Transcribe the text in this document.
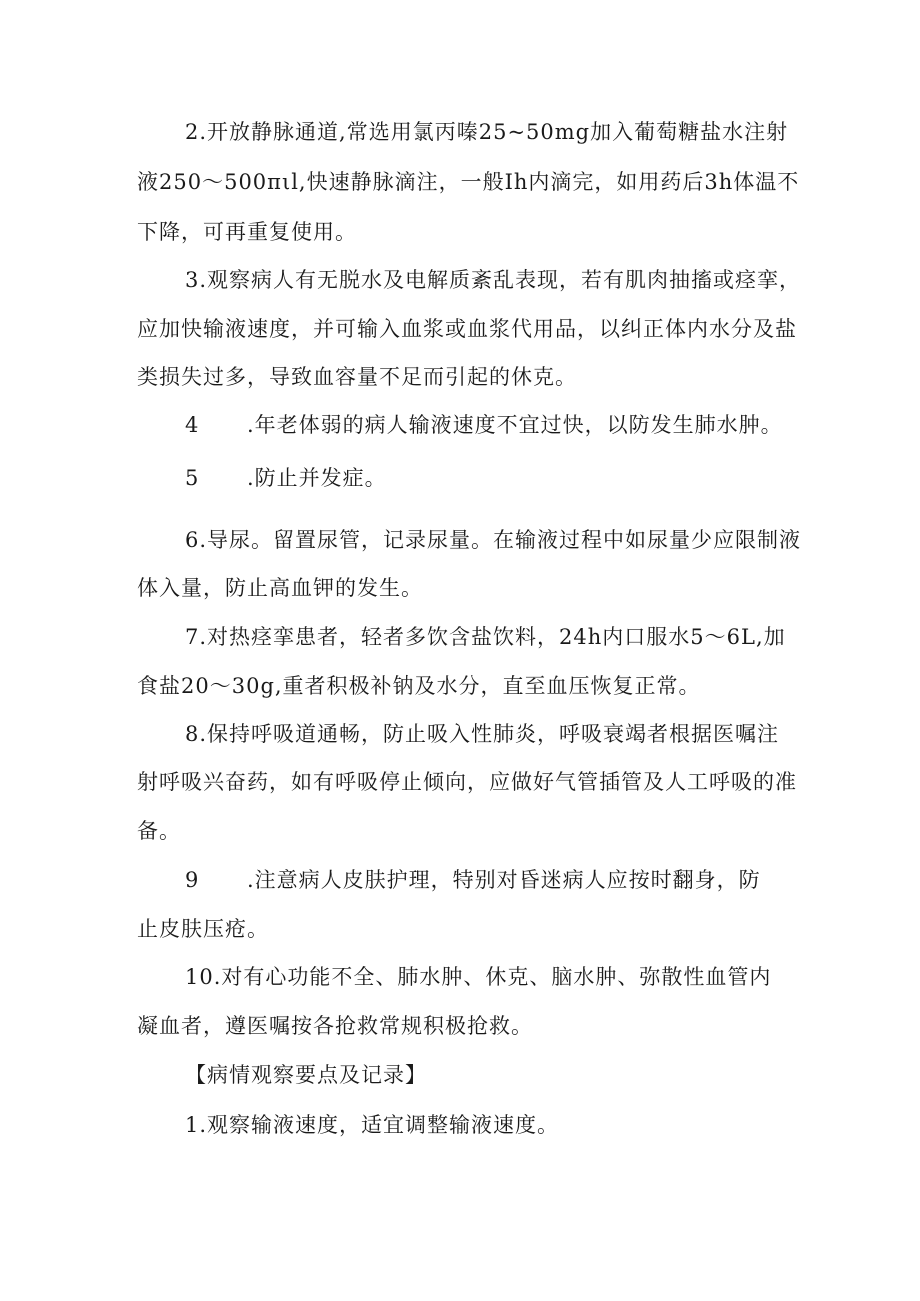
2.开放静脉通道,常选用氯丙嗪25~50mg加入葡萄糖盐水注射
液250～500πιl,快速静脉滴注，一般Ih内滴完，如用药后3h体温不
下降，可再重复使用。
3.观察病人有无脱水及电解质紊乱表现，若有肌肉抽搐或痉挛，
应加快输液速度，并可输入血浆或血浆代用品，以纠正体内水分及盐
类损失过多，导致血容量不足而引起的休克。
4 .年老体弱的病人输液速度不宜过快，以防发生肺水肿。
5 .防止并发症。
6.导尿。留置尿管，记录尿量。在输液过程中如尿量少应限制液
体入量，防止高血钾的发生。
7.对热痉挛患者，轻者多饮含盐饮料，24h内口服水5～6L,加
食盐20～30g,重者积极补钠及水分，直至血压恢复正常。
8.保持呼吸道通畅，防止吸入性肺炎，呼吸衰竭者根据医嘱注
射呼吸兴奋药，如有呼吸停止倾向，应做好气管插管及人工呼吸的准
备。
9 .注意病人皮肤护理，特别对昏迷病人应按时翻身，防
止皮肤压疮。
10.对有心功能不全、肺水肿、休克、脑水肿、弥散性血管内
凝血者，遵医嘱按各抢救常规积极抢救。
【病情观察要点及记录】
1.观察输液速度，适宜调整输液速度。
